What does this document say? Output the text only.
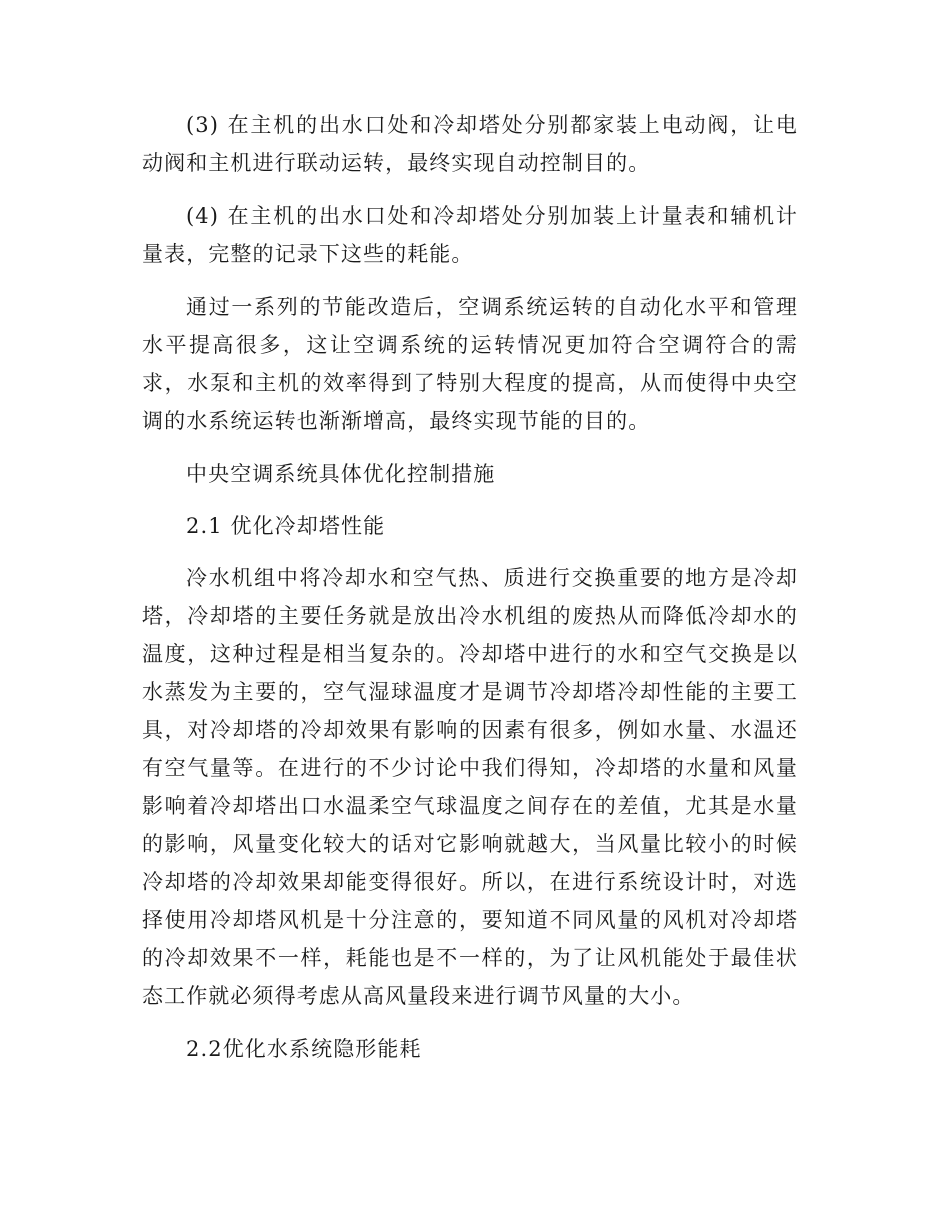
(3) 在主机的出水口处和冷却塔处分别都家装上电动阀，让电动阀和主机进行联动运转，最终实现自动控制目的。

(4) 在主机的出水口处和冷却塔处分别加装上计量表和辅机计量表，完整的记录下这些的耗能。

通过一系列的节能改造后，空调系统运转的自动化水平和管理水平提高很多，这让空调系统的运转情况更加符合空调符合的需求，水泵和主机的效率得到了特别大程度的提高，从而使得中央空调的水系统运转也渐渐增高，最终实现节能的目的。

中央空调系统具体优化控制措施

2.1 优化冷却塔性能

冷水机组中将冷却水和空气热、质进行交换重要的地方是冷却塔，冷却塔的主要任务就是放出冷水机组的废热从而降低冷却水的温度，这种过程是相当复杂的。冷却塔中进行的水和空气交换是以水蒸发为主要的，空气湿球温度才是调节冷却塔冷却性能的主要工具，对冷却塔的冷却效果有影响的因素有很多，例如水量、水温还有空气量等。在进行的不少讨论中我们得知，冷却塔的水量和风量影响着冷却塔出口水温柔空气球温度之间存在的差值，尤其是水量的影响，风量变化较大的话对它影响就越大，当风量比较小的时候冷却塔的冷却效果却能变得很好。所以，在进行系统设计时，对选择使用冷却塔风机是十分注意的，要知道不同风量的风机对冷却塔的冷却效果不一样，耗能也是不一样的，为了让风机能处于最佳状态工作就必须得考虑从高风量段来进行调节风量的大小。

2.2优化水系统隐形能耗
